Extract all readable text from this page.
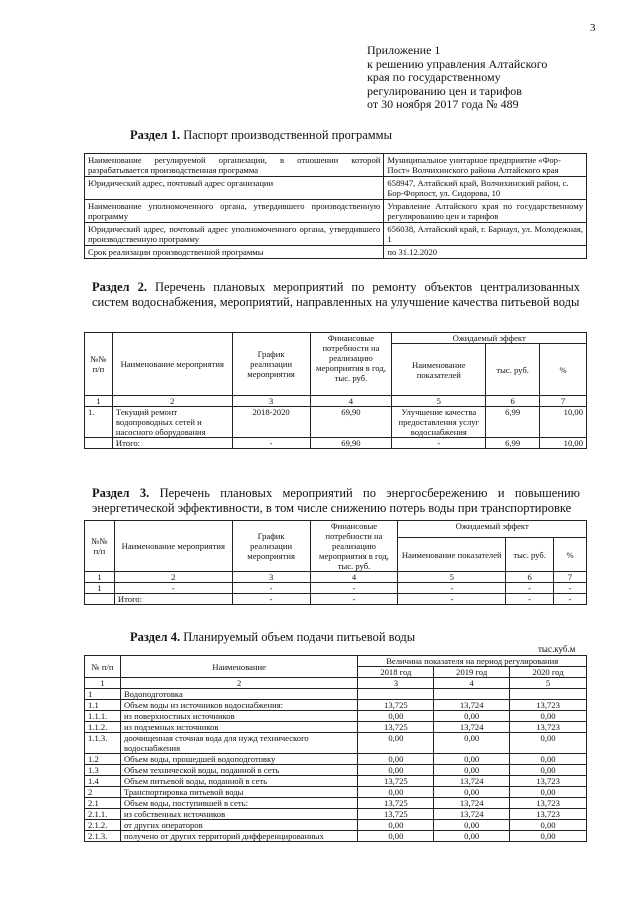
3
Приложение 1
к решению управления Алтайского
края по государственному
регулированию цен и тарифов
от 30 ноября 2017 года № 489
Раздел 1. Паспорт производственной программы
Наименование регулируемой организации, в отношении которой разрабатывается производственная программа	Муниципальное унитарное предприятие «Фор-Пост» Волчихинского района Алтайского края
Юридический адрес, почтовый адрес организации	658947, Алтайский край, Волчихинский район, с. Бор-Форпост, ул. Сидорова, 10
Наименование уполномоченного органа, утвердившего производственную программу	Управление Алтайского края по государственному регулированию цен и тарифов
Юридический адрес, почтовый адрес уполномоченного органа, утвердившего производственную программу	656038, Алтайский край, г. Барнаул, ул. Молодежная, 1
Срок реализации производственной программы	по 31.12.2020
Раздел 2. Перечень плановых мероприятий по ремонту объектов централизованных систем водоснабжения, мероприятий, направленных на улучшение качества питьевой воды
№№ п/п	Наименование мероприятия	График реализации мероприятия	Финансовые потребности на реализацию мероприятия в год, тыс. руб.	Ожидаемый эффект		
				Наименование показателей	тыс. руб.	%
1	2	3	4	5	6	7
1.	Текущий ремонт водопроводных сетей и насосного оборудования	2018-2020	69,90	Улучшение качества предоставления услуг водоснабжения	6,99	10,00
	Итого:	-	69,90	-	6,99	10,00
Раздел 3. Перечень плановых мероприятий по энергосбережению и повышению энергетической эффективности, в том числе снижению потерь воды при транспортировке
№№ п/п	Наименование мероприятия	График реализации мероприятия	Финансовые потребности на реализацию мероприятия в год, тыс. руб.	Ожидаемый эффект		
				Наименование показателей	тыс. руб.	%
1	2	3	4	5	6	7
1	-	-	-	-	-	-
	Итого:	-	-	-	-	-
Раздел 4. Планируемый объем подачи питьевой воды
тыс.куб.м
№ п/п	Наименование	Величина показателя на период регулирования		
		2018 год	2019 год	2020 год
1	2	3	4	5
1	Водоподготовка			
1.1	Объем воды из источников водоснабжения:	13,725	13,724	13,723
1.1.1.	из поверхностных источников	0,00	0,00	0,00
1.1.2.	из подземных источников	13,725	13,724	13,723
1.1.3.	доочищенная сточная вода для нужд технического водоснабжения	0,00	0,00	0,00
1.2	Объем воды, прошедшей водоподготовку	0,00	0,00	0,00
1.3	Объем технической воды, поданной в сеть	0,00	0,00	0,00
1.4	Объем питьевой воды, поданной в сеть	13,725	13,724	13,723
2	Транспортировка питьевой воды	0,00	0,00	0,00
2.1	Объем воды, поступившей в сеть:	13,725	13,724	13,723
2.1.1.	из собственных источников	13,725	13,724	13,723
2.1.2.	от других операторов	0,00	0,00	0,00
2.1.3.	получено от других территорий дифференцированных	0,00	0,00	0,00
